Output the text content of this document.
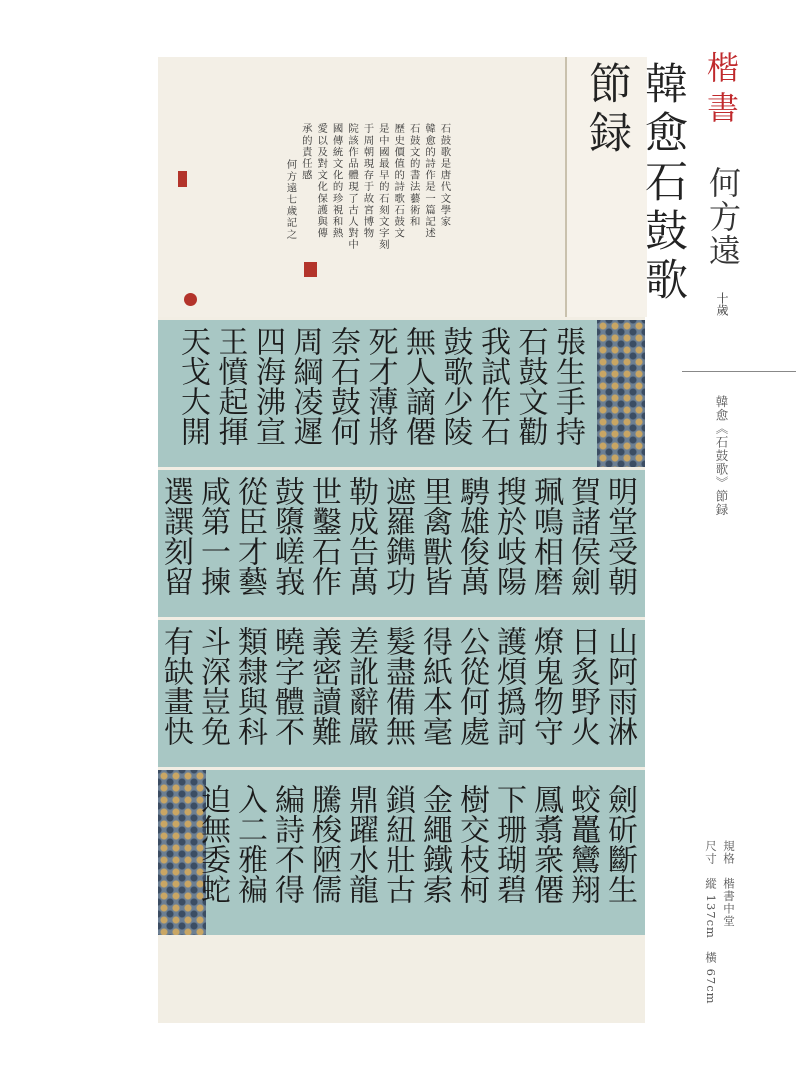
石鼓歌是唐代文學家
韓愈的詩作是一篇記述
石鼓文的書法藝術和
歷史價值的詩歌石鼓文
是中國最早的石刻文字刻
于周朝現存于故宮博物
院該作品體現了古人對中
國傳統文化的珍視和熱
愛以及對文化保護與傳
承的責任感
何方遠七歲記之	韓愈石鼓歌節録
張生手持
石鼓文勸
我試作石
鼓歌少陵
無人謫僊
死才薄將
奈石鼓何
周綱凌遲
四海沸宣
王憤起揮
天戈大開
明堂受朝
賀諸侯劍
珮鳴相磨
搜於岐陽
騁雄俊萬
里禽獸皆
遮羅鐫功
勒成告萬
世鑿石作
鼓隳嵯峩
從臣才藝
咸第一揀
選譔刻留
山阿雨淋
日炙野火
燎鬼物守
護煩撝訶
公從何處
得紙本毫
髮盡備無
差訛辭嚴
義密讀難
曉字體不
類隸與科
斗深豈免
有缺畫快
劍斫斷生
蛟鼉鸞翔
鳳翥衆僊
下珊瑚碧
樹交枝柯
金繩鐵索
鎖紐壯古
鼎躍水龍
騰梭陋儒
編詩不得
入二雅褊
迫無委蛇
楷書
何方遠
十歲
韓愈《石鼓歌》節録
規格　楷書中堂
尺寸　縱 137cm　橫 67cm
